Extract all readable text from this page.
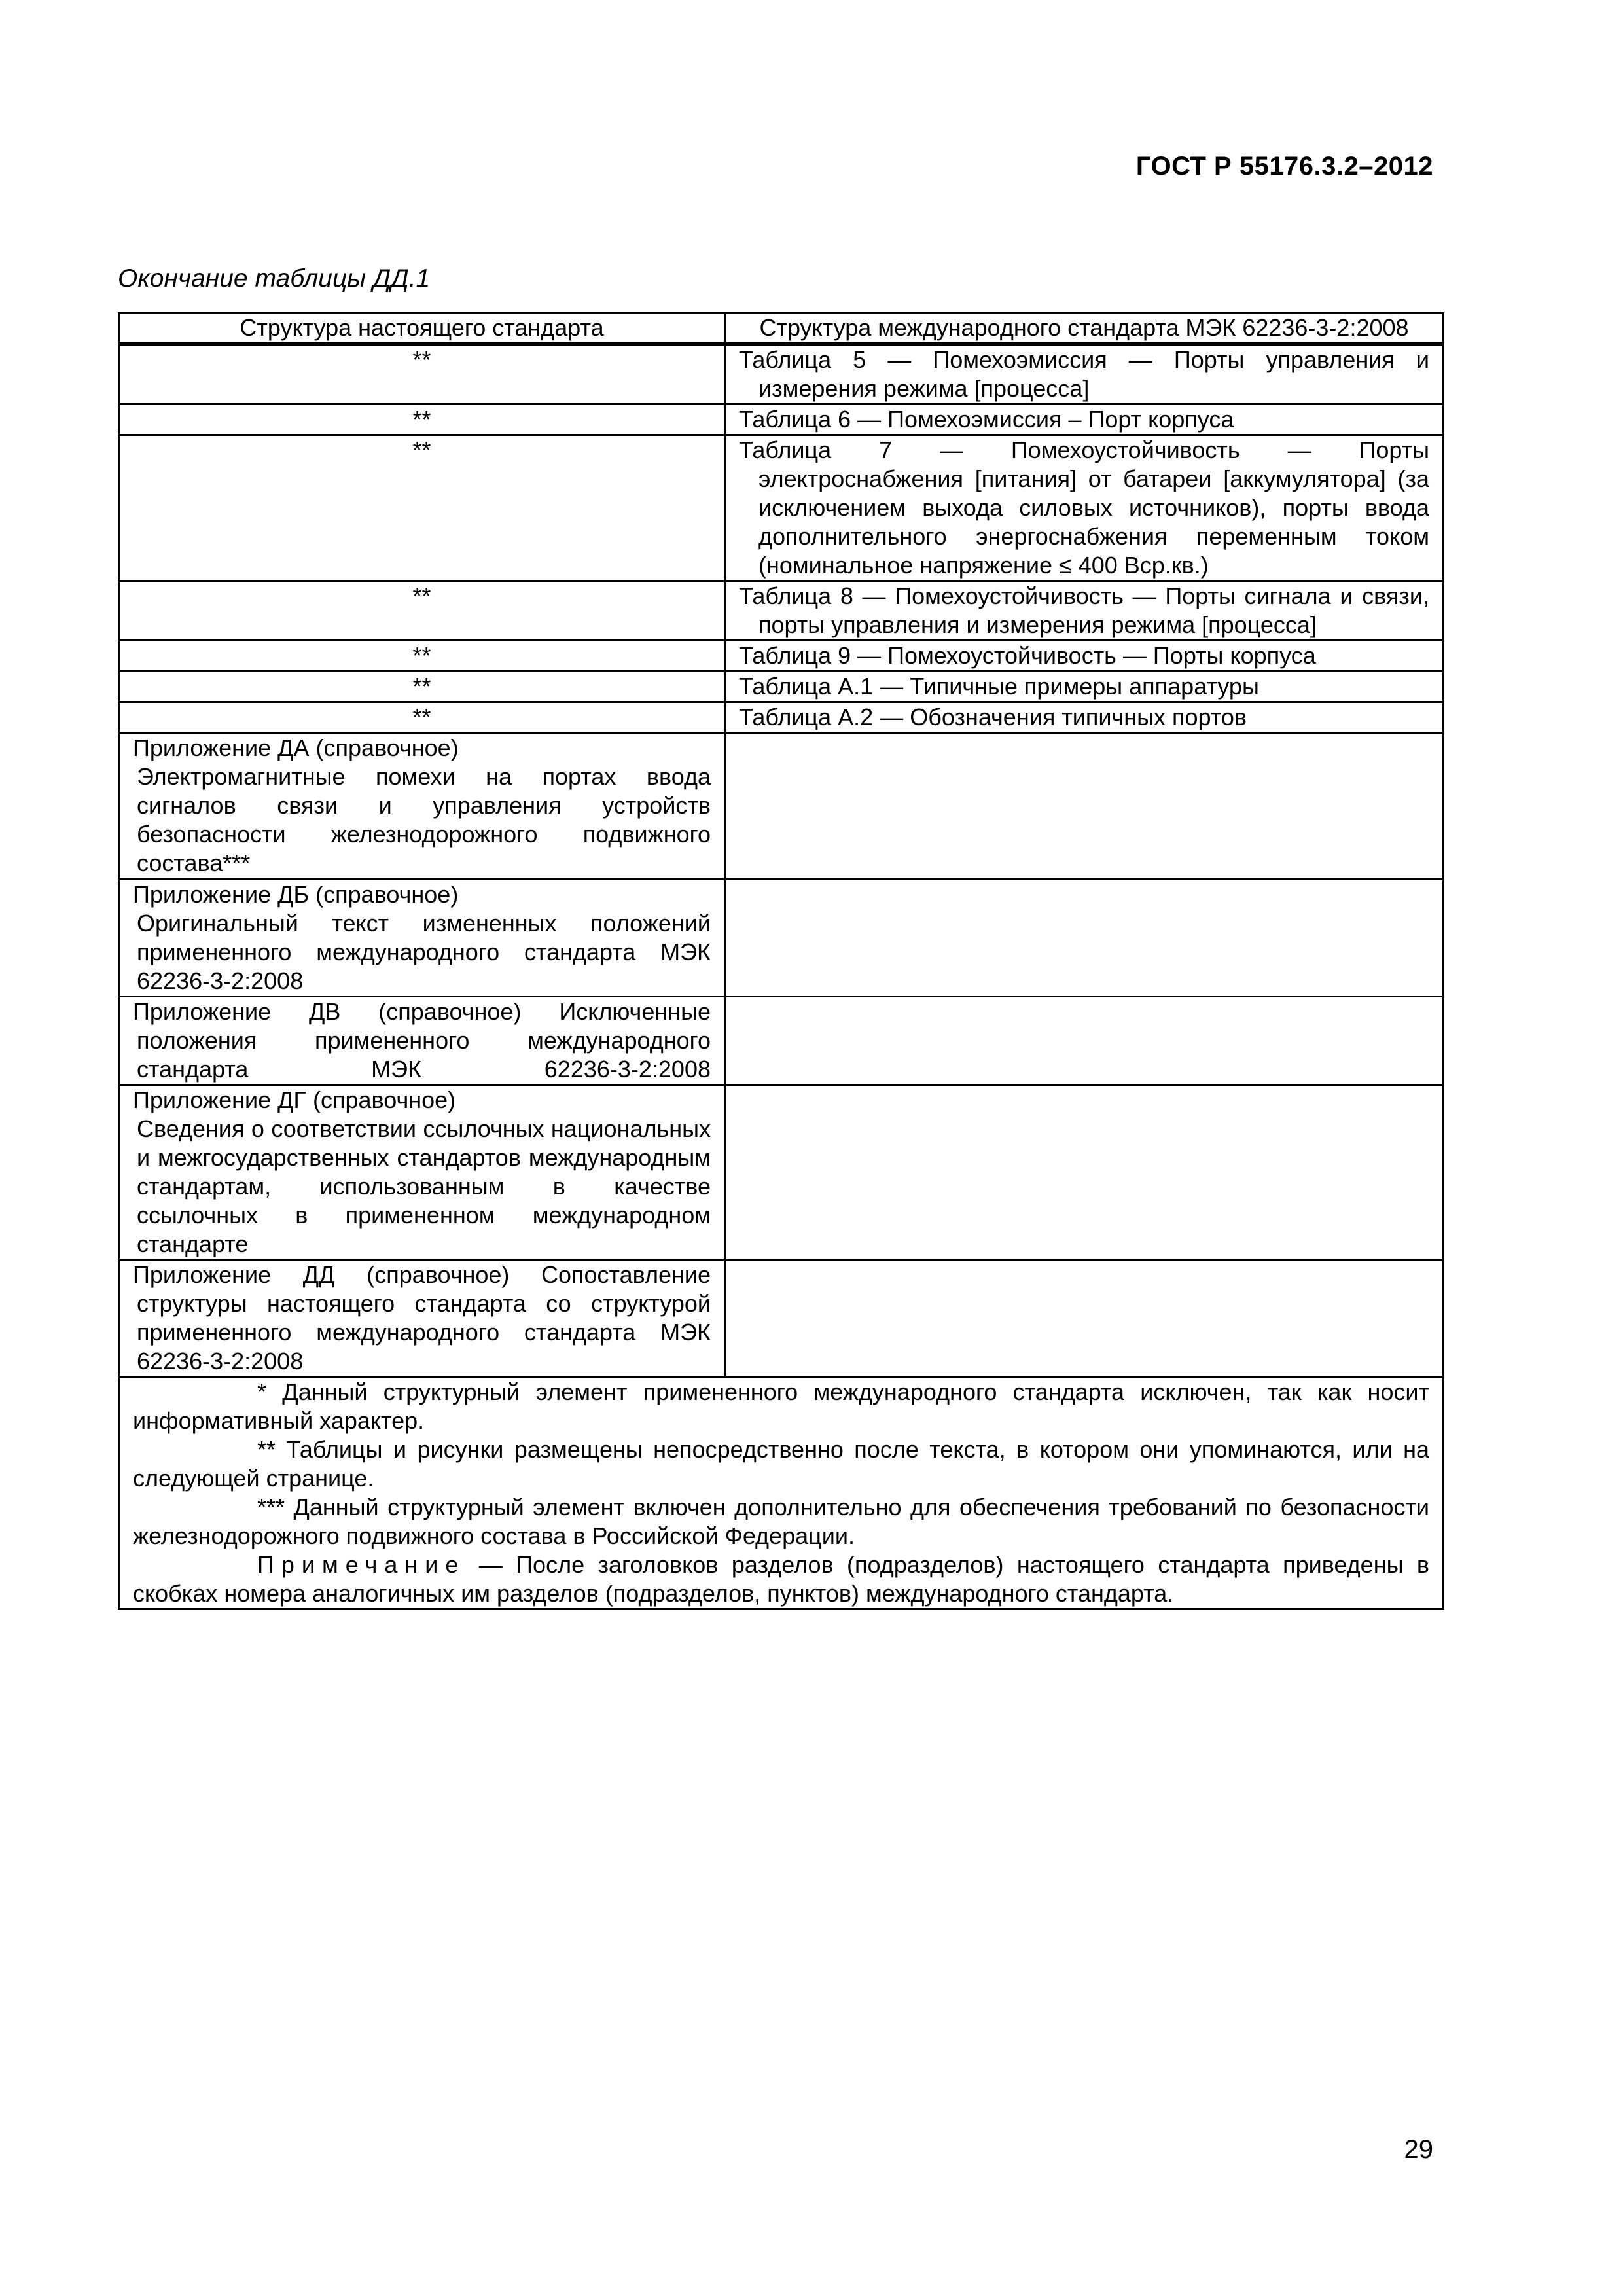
ГОСТ Р 55176.3.2–2012
Окончание таблицы ДД.1
Структура настоящего стандарта	Структура международного стандарта МЭК 62236-3-2:2008
**	Таблица 5 — Помехоэмиссия — Порты управления и измерения режима [процесса]

**	Таблица 6 — Помехоэмиссия – Порт корпуса
**	Таблица 7 — Помехоустойчивость — Порты электроснабжения [питания] от батареи [аккумулятора] (за исключением выхода силовых источников), порты ввода дополнительного энергоснабжения переменным током (номинальное напряжение ≤ 400 Вср.кв.)

**	Таблица 8 — Помехоустойчивость — Порты сигнала и связи, порты управления и измерения режима [процесса]

**	Таблица 9 — Помехоустойчивость — Порты корпуса
**	Таблица А.1 — Типичные примеры аппаратуры
**	Таблица А.2 — Обозначения типичных портов

Приложение ДА (справочное)
Электромагнитные помехи на портах ввода сигналов связи и управления устройств безопасности железнодорожного подвижного состава***	

Приложение ДБ (справочное)
Оригинальный текст измененных положений примененного международного стандарта МЭК 62236-3-2:2008	

Приложение ДВ (справочное) Исключенные
положения примененного международного стандарта МЭК 62236-3-2:2008	

Приложение ДГ (справочное)
Сведения о соответствии ссылочных национальных и межгосударственных стандартов международным стандартам, использованным в качестве ссылочных в примененном международном стандарте	

Приложение ДД (справочное) Сопоставление
структуры настоящего стандарта со структурой примененного международного стандарта МЭК 62236-3-2:2008	

* Данный структурный элемент примененного международного стандарта исключен, так как носит информативный характер.
** Таблицы и рисунки размещены непосредственно после текста, в котором они упоминаются, или на следующей странице.
*** Данный структурный элемент включен дополнительно для обеспечения требований по безопасности железнодорожного подвижного состава в Российской Федерации.
Примечание — После заголовков разделов (подразделов) настоящего стандарта приведены в скобках номера аналогичных им разделов (подразделов, пунктов) международного стандарта.	
29
